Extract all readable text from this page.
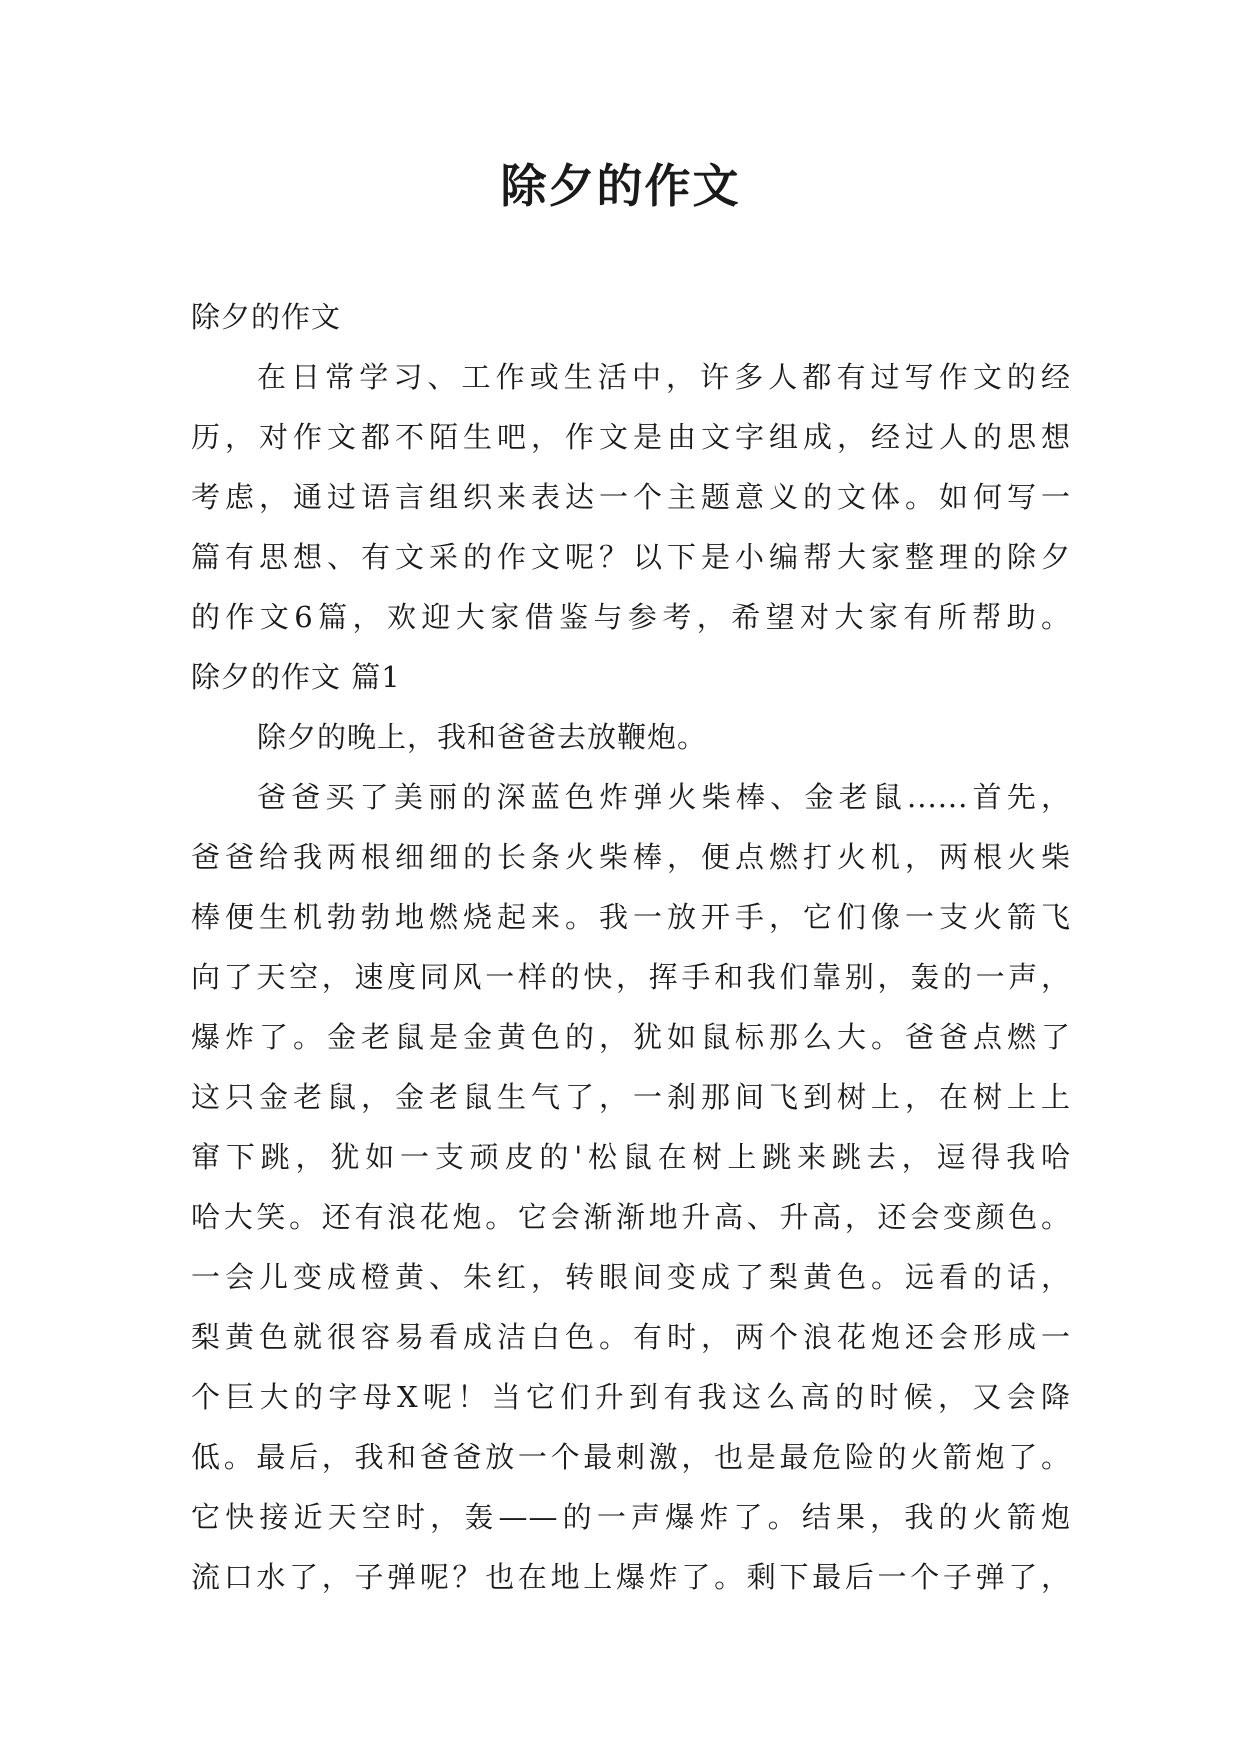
除夕的作文
除夕的作文
在日常学习、工作或生活中，许多人都有过写作文的经
历，对作文都不陌生吧，作文是由文字组成，经过人的思想
考虑，通过语言组织来表达一个主题意义的文体。如何写一
篇有思想、有文采的作文呢？以下是小编帮大家整理的除夕
的作文6篇，欢迎大家借鉴与参考，希望对大家有所帮助。
除夕的作文 篇1
除夕的晚上，我和爸爸去放鞭炮。
爸爸买了美丽的深蓝色炸弹火柴棒、金老鼠......首先，
爸爸给我两根细细的长条火柴棒，便点燃打火机，两根火柴
棒便生机勃勃地燃烧起来。我一放开手，它们像一支火箭飞
向了天空，速度同风一样的快，挥手和我们靠别，轰的一声，
爆炸了。金老鼠是金黄色的，犹如鼠标那么大。爸爸点燃了
这只金老鼠，金老鼠生气了，一刹那间飞到树上，在树上上
窜下跳，犹如一支顽皮的'松鼠在树上跳来跳去，逗得我哈
哈大笑。还有浪花炮。它会渐渐地升高、升高，还会变颜色。
一会儿变成橙黄、朱红，转眼间变成了梨黄色。远看的话，
梨黄色就很容易看成洁白色。有时，两个浪花炮还会形成一
个巨大的字母X呢！当它们升到有我这么高的时候，又会降
低。最后，我和爸爸放一个最刺激，也是最危险的火箭炮了。
它快接近天空时，轰——的一声爆炸了。结果，我的火箭炮
流口水了，子弹呢？也在地上爆炸了。剩下最后一个子弹了，
